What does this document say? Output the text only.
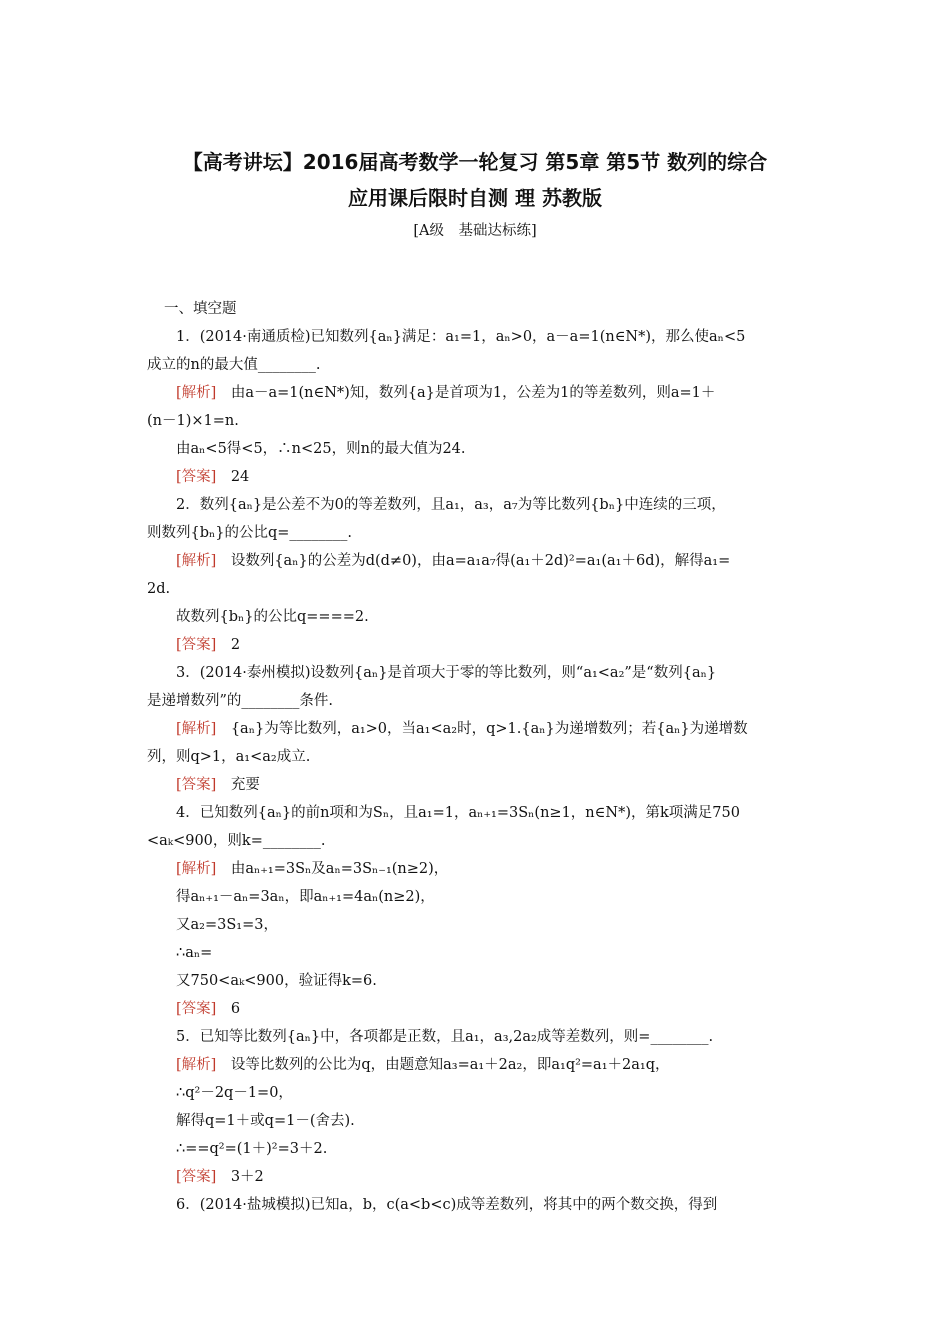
【高考讲坛】2016届高考数学一轮复习 第5章 第5节 数列的综合
应用课后限时自测 理 苏教版
[A级　基础达标练]
一、填空题
1．(2014·南通质检)已知数列{aₙ}满足：a₁=1，aₙ>0，a－a=1(n∈N*)，那么使aₙ<5
成立的n的最大值________.
[解析]　由a－a=1(n∈N*)知，数列{a}是首项为1，公差为1的等差数列，则a=1＋
(n－1)×1=n.
由aₙ<5得<5，∴n<25，则n的最大值为24.
[答案]　24
2．数列{aₙ}是公差不为0的等差数列，且a₁，a₃，a₇为等比数列{bₙ}中连续的三项，
则数列{bₙ}的公比q=________.
[解析]　设数列{aₙ}的公差为d(d≠0)，由a=a₁a₇得(a₁＋2d)²=a₁(a₁＋6d)，解得a₁=
2d.
故数列{bₙ}的公比q====2.
[答案]　2
3．(2014·泰州模拟)设数列{aₙ}是首项大于零的等比数列，则“a₁<a₂”是“数列{aₙ}
是递增数列”的________条件.
[解析]　{aₙ}为等比数列，a₁>0，当a₁<a₂时，q>1.{aₙ}为递增数列；若{aₙ}为递增数
列，则q>1，a₁<a₂成立.
[答案]　充要
4．已知数列{aₙ}的前n项和为Sₙ，且a₁=1，aₙ₊₁=3Sₙ(n≥1，n∈N*)，第k项满足750
<aₖ<900，则k=________.
[解析]　由aₙ₊₁=3Sₙ及aₙ=3Sₙ₋₁(n≥2)，
得aₙ₊₁－aₙ=3aₙ，即aₙ₊₁=4aₙ(n≥2)，
又a₂=3S₁=3，
∴aₙ=
又750<aₖ<900，验证得k=6.
[答案]　6
5．已知等比数列{aₙ}中，各项都是正数，且a₁，a₃,2a₂成等差数列，则=________.
[解析]　设等比数列的公比为q，由题意知a₃=a₁＋2a₂，即a₁q²=a₁＋2a₁q，
∴q²－2q－1=0，
解得q=1＋或q=1－(舍去).
∴==q²=(1＋)²=3＋2.
[答案]　3＋2
6．(2014·盐城模拟)已知a，b，c(a<b<c)成等差数列，将其中的两个数交换，得到
